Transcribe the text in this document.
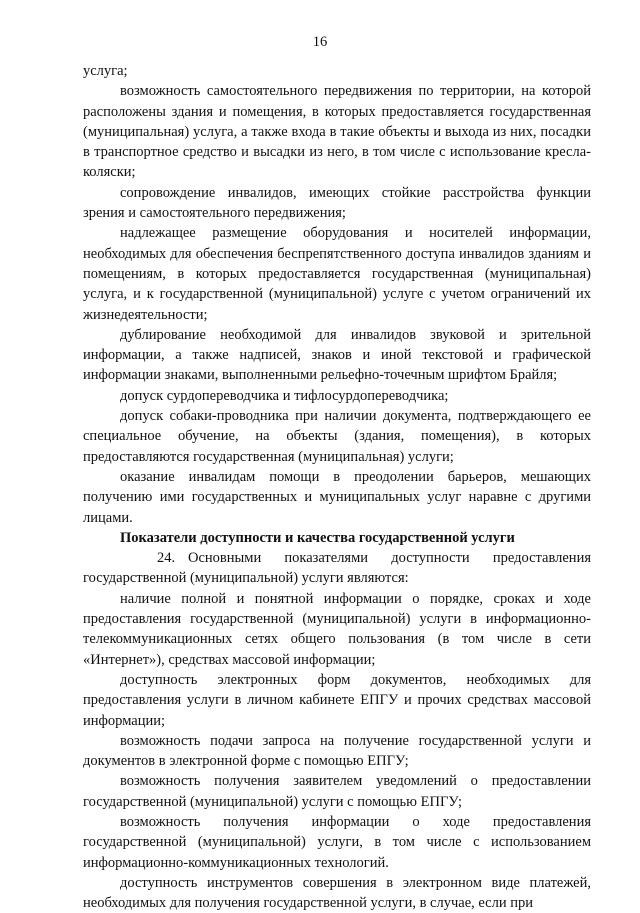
16

услуга;

возможность самостоятельного передвижения по территории, на которой расположены здания и помещения, в которых предоставляется государственная (муниципальная) услуга, а также входа в такие объекты и выхода из них, посадки в транспортное средство и высадки из него, в том числе с использование кресла-коляски;

сопровождение инвалидов, имеющих стойкие расстройства функции зрения и самостоятельного передвижения;

надлежащее размещение оборудования и носителей информации, необходимых для обеспечения беспрепятственного доступа инвалидов зданиям и помещениям, в которых предоставляется государственная (муниципальная) услуга, и к государственной (муниципальной) услуге с учетом ограничений их жизнедеятельности;

дублирование необходимой для инвалидов звуковой и зрительной информации, а также надписей, знаков и иной текстовой и графической информации знаками, выполненными рельефно-точечным шрифтом Брайля;

допуск сурдопереводчика и тифлосурдопереводчика;

допуск собаки-проводника при наличии документа, подтверждающего ее специальное обучение, на объекты (здания, помещения), в которых предоставляются государственная (муниципальная) услуги;

оказание инвалидам помощи в преодолении барьеров, мешающих получению ими государственных и муниципальных услуг наравне с другими лицами.

Показатели доступности и качества государственной услуги

24. Основными показателями доступности предоставления государственной (муниципальной) услуги являются:

наличие полной и понятной информации о порядке, сроках и ходе предоставления государственной (муниципальной) услуги в информационно-телекоммуникационных сетях общего пользования (в том числе в сети «Интернет»), средствах массовой информации;

доступность электронных форм документов, необходимых для предоставления услуги в личном кабинете ЕПГУ и прочих средствах массовой информации;

возможность подачи запроса на получение государственной услуги и документов в электронной форме с помощью ЕПГУ;

возможность получения заявителем уведомлений о предоставлении государственной (муниципальной) услуги с помощью ЕПГУ;

возможность получения информации о ходе предоставления государственной (муниципальной) услуги, в том числе с использованием информационно-коммуникационных технологий.

доступность инструментов совершения в электронном виде платежей, необходимых для получения государственной услуги, в случае, если при
